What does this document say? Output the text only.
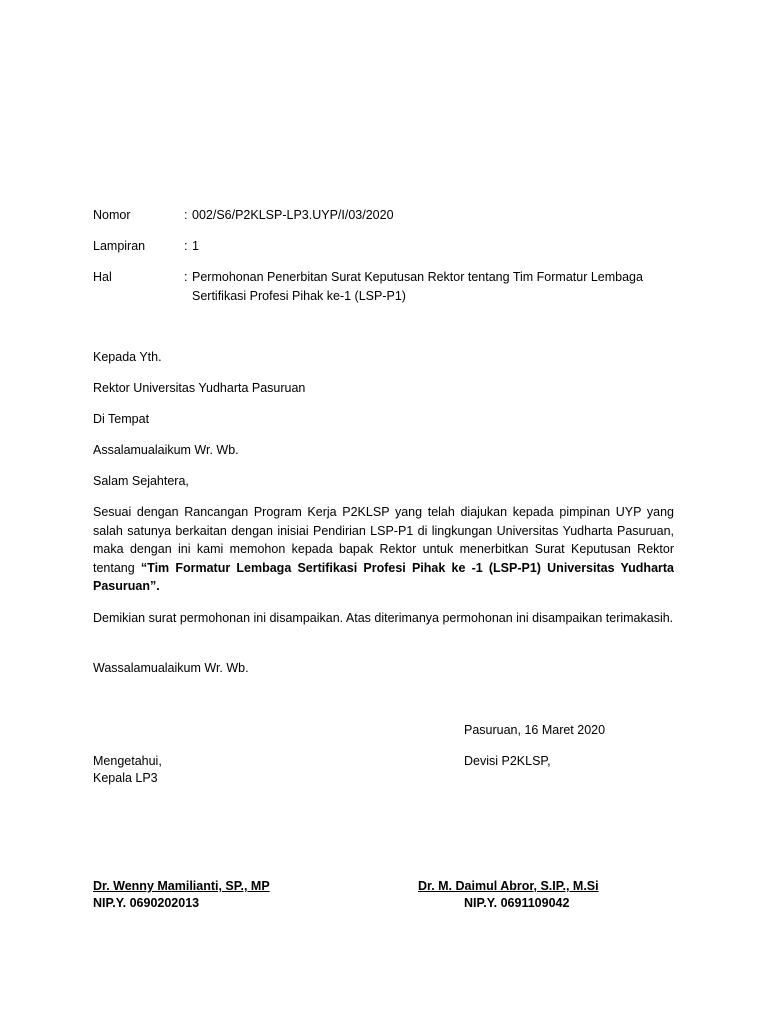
Nomor	: 002/S6/P2KLSP-LP3.UYP/I/03/2020
Lampiran	: 1
Hal	: Permohonan Penerbitan Surat Keputusan Rektor tentang Tim Formatur Lembaga
Sertifikasi Profesi Pihak ke-1 (LSP-P1)
Kepada Yth.
Rektor Universitas Yudharta Pasuruan
Di Tempat
Assalamualaikum Wr. Wb.
Salam Sejahtera,
Sesuai dengan Rancangan Program Kerja P2KLSP yang telah diajukan kepada pimpinan UYP yang salah satunya berkaitan dengan inisiai Pendirian LSP-P1 di lingkungan Universitas Yudharta Pasuruan, maka dengan ini kami memohon kepada bapak Rektor untuk menerbitkan Surat Keputusan Rektor tentang “Tim Formatur Lembaga Sertifikasi Profesi Pihak ke -1 (LSP-P1) Universitas Yudharta Pasuruan”.
Demikian surat permohonan ini disampaikan. Atas diterimanya permohonan ini disampaikan terimakasih.
Wassalamualaikum Wr. Wb.
Pasuruan, 16 Maret 2020
Mengetahui,
Kepala LP3
Devisi P2KLSP,
Dr. Wenny Mamilianti, SP., MP
NIP.Y. 0690202013
Dr. M. Daimul Abror, S.IP., M.Si
NIP.Y. 0691109042
